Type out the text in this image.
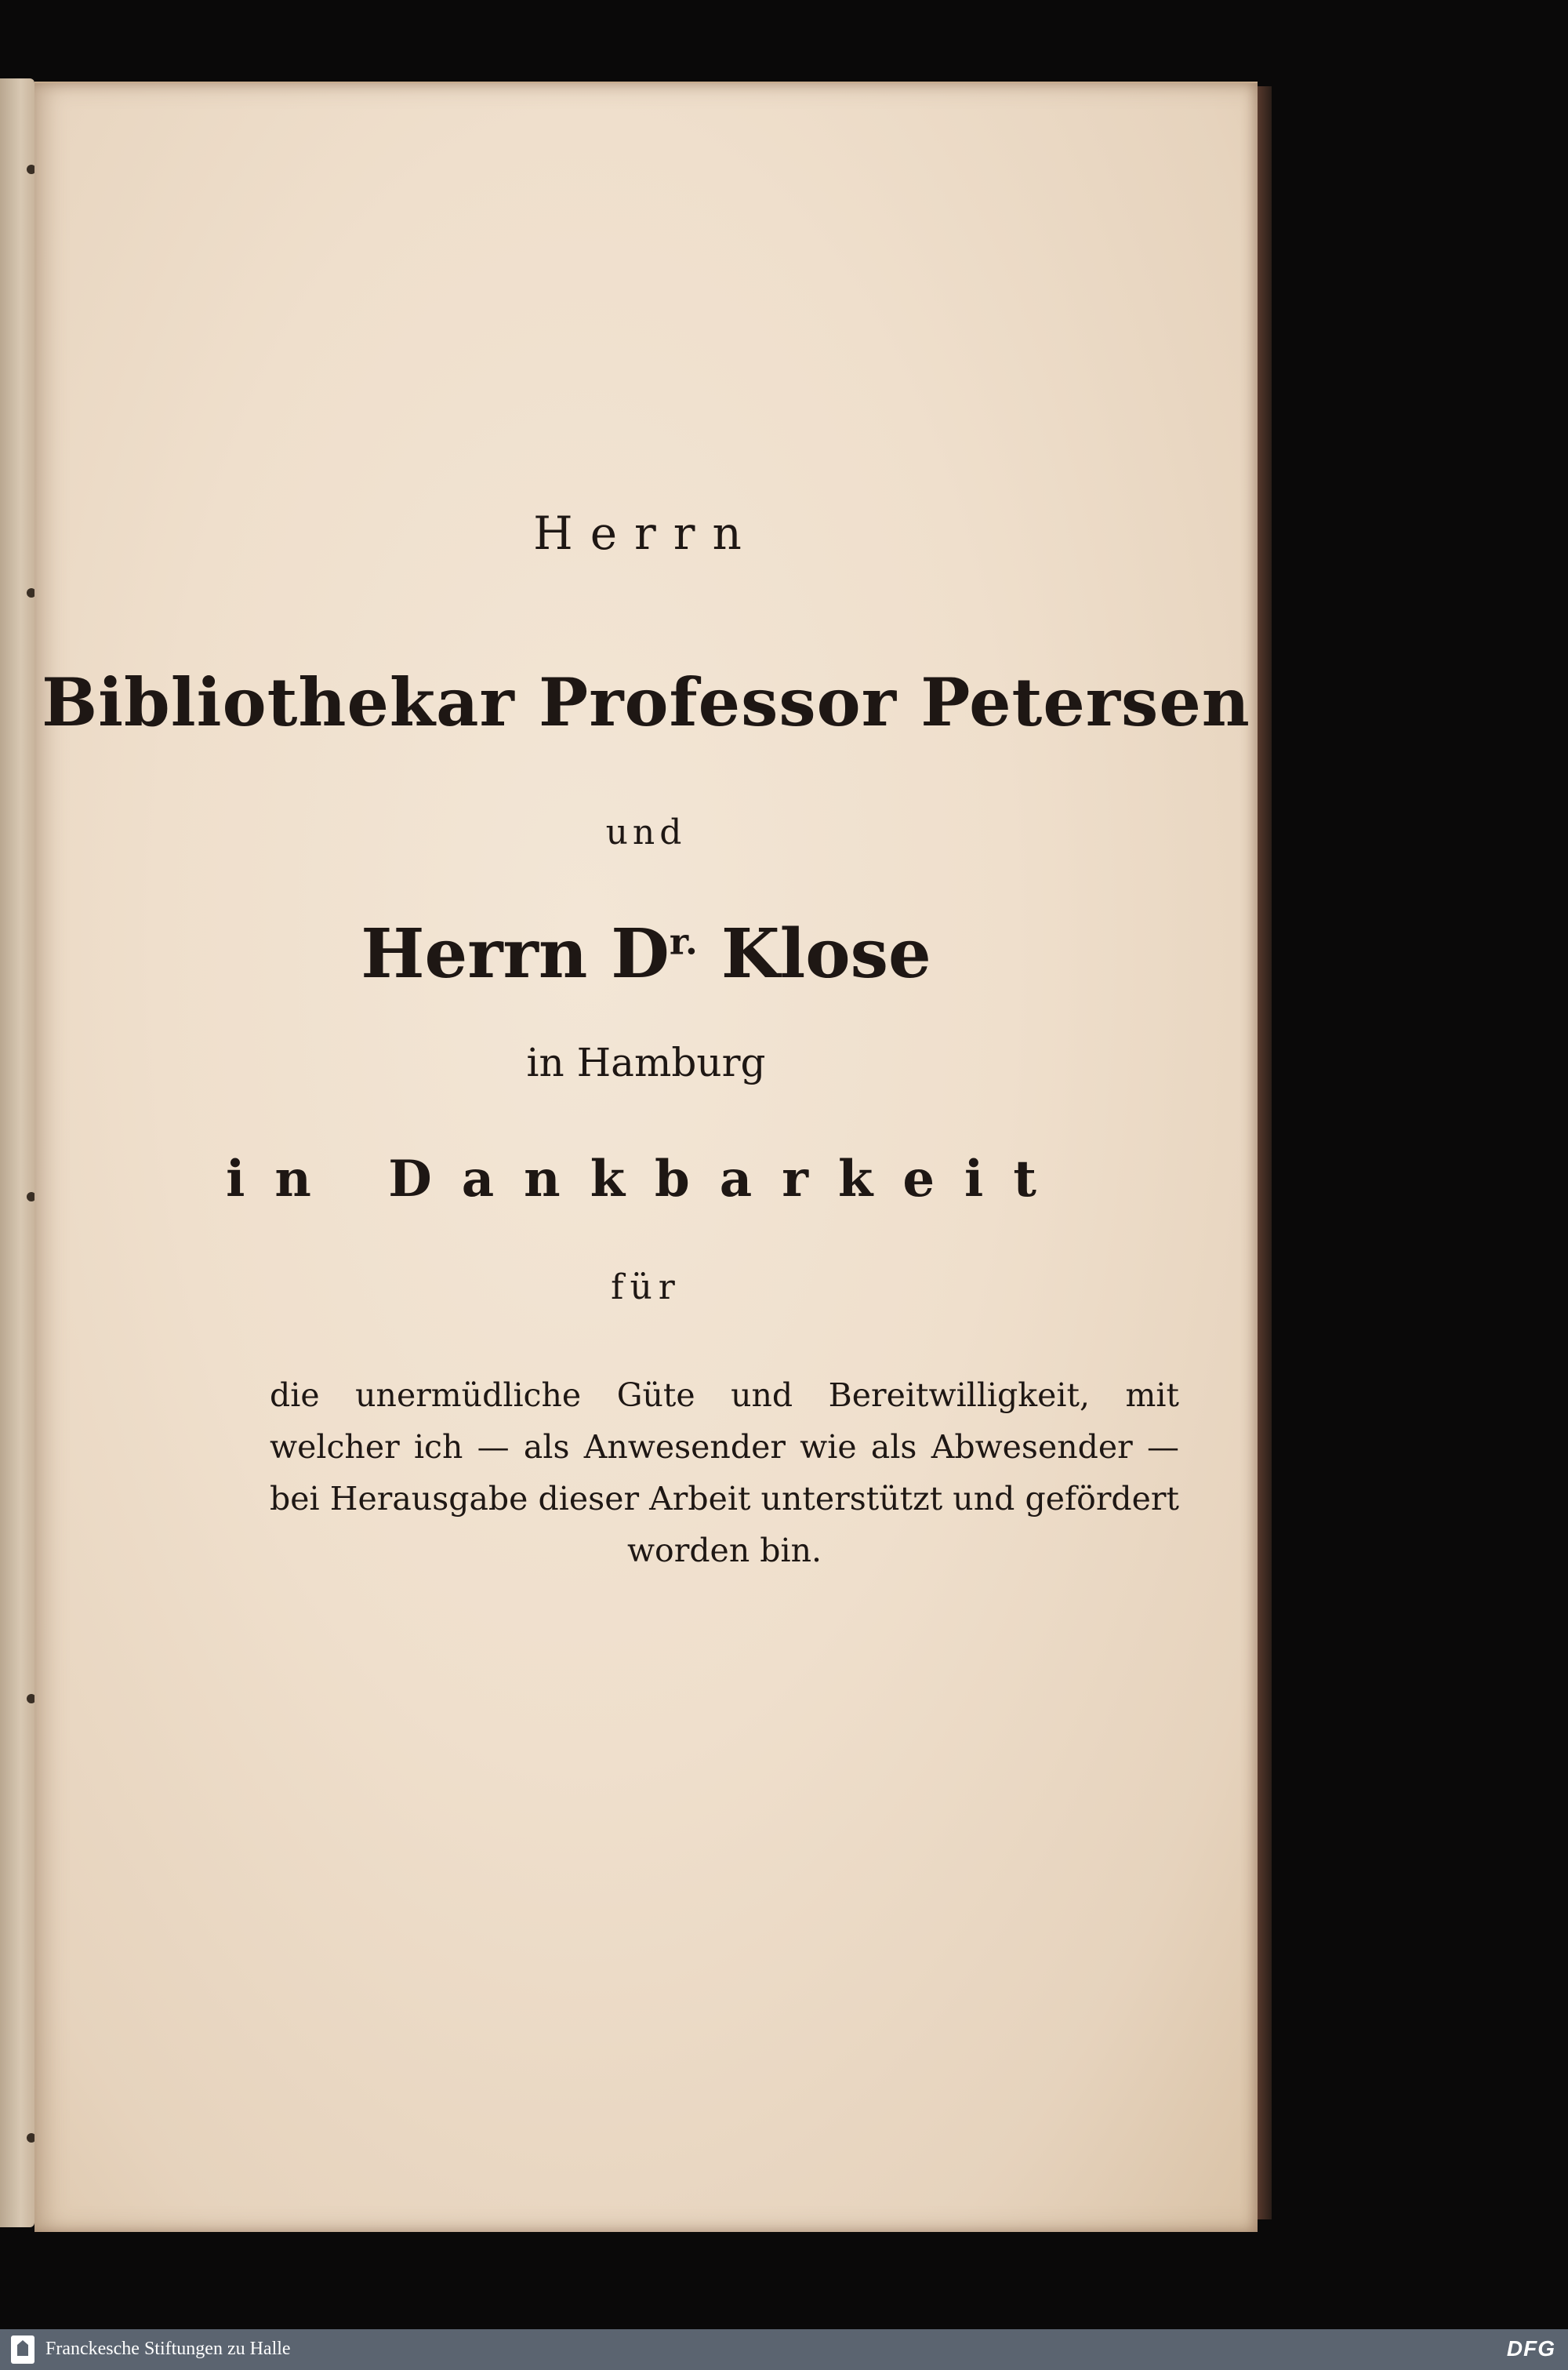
Herrn
Bibliothekar Professor Petersen
und
Herrn $D^{r.}$ Klose
in Hamburg
in Dankbarkeit
für
die unermüdliche Güte und Bereitwilligkeit, mit welcher ich — als Anwesender wie als Abwesender — bei Herausgabe dieser Arbeit unterstützt und gefördert worden bin.
Franckesche Stiftungen zu Halle	DFG
